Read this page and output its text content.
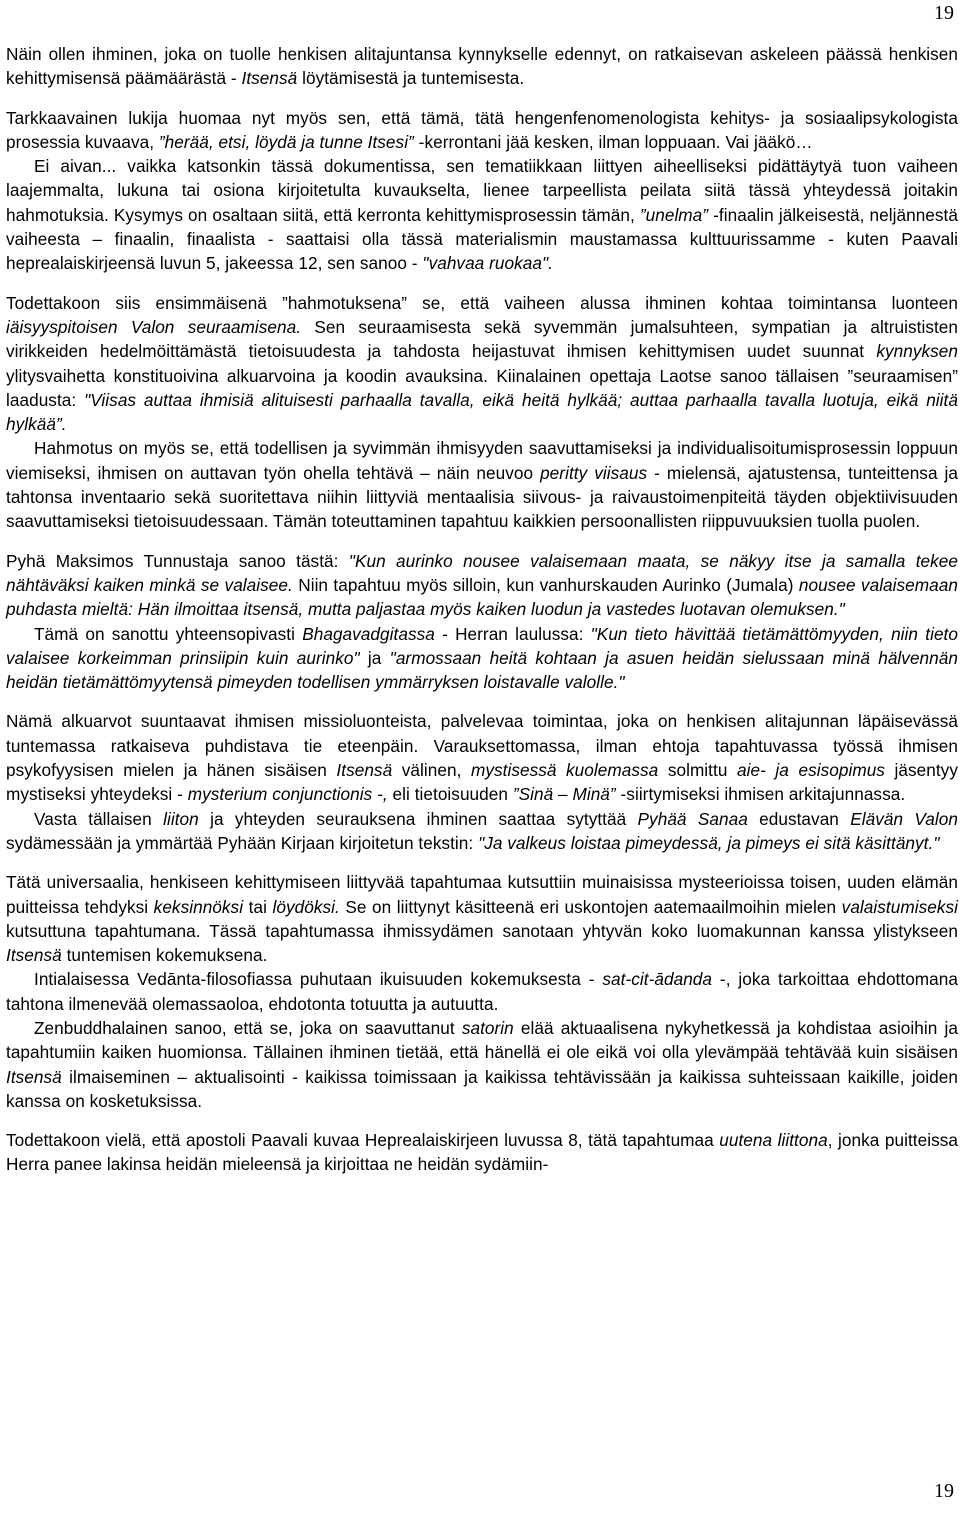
19

Näin ollen ihminen, joka on tuolle henkisen alitajuntansa kynnykselle edennyt, on ratkaisevan askeleen päässä henkisen kehittymisensä päämäärästä - Itsensä löytämisestä ja tuntemisesta.

Tarkkaavainen lukija huomaa nyt myös sen, että tämä, tätä hengenfenomenologista kehitys- ja sosiaalipsykologista prosessia kuvaava, ”herää, etsi, löydä ja tunne Itsesi” -kerrontani jää kesken, ilman loppuaan. Vai jääkö…

Ei aivan... vaikka katsonkin tässä dokumentissa, sen tematiikkaan liittyen aiheelliseksi pidättäytyä tuon vaiheen laajemmalta, lukuna tai osiona kirjoitetulta kuvaukselta, lienee tarpeellista peilata siitä tässä yhteydessä joitakin hahmotuksia. Kysymys on osaltaan siitä, että kerronta kehittymisprosessin tämän, ”unelma” -finaalin jälkeisestä, neljännestä vaiheesta – finaalin, finaalista - saattaisi olla tässä materialismin maustamassa kulttuurissamme - kuten Paavali heprealaiskirjeensä luvun 5, jakeessa 12, sen sanoo - "vahvaa ruokaa".

Todettakoon siis ensimmäisenä ”hahmotuksena” se, että vaiheen alussa ihminen kohtaa toimintansa luonteen iäisyyspitoisen Valon seuraamisena. Sen seuraamisesta sekä syvemmän jumalsuhteen, sympatian ja altruististen virikkeiden hedelmöittämästä tietoisuudesta ja tahdosta heijastuvat ihmisen kehittymisen uudet suunnat kynnyksen ylitysvaihetta konstituoivina alkuarvoina ja koodin avauksina. Kiinalainen opettaja Laotse sanoo tällaisen ”seuraamisen” laadusta: "Viisas auttaa ihmisiä alituisesti parhaalla tavalla, eikä heitä hylkää; auttaa parhaalla tavalla luotuja, eikä niitä hylkää”.

Hahmotus on myös se, että todellisen ja syvimmän ihmisyyden saavuttamiseksi ja individualisoitumisprosessin loppuun viemiseksi, ihmisen on auttavan työn ohella tehtävä – näin neuvoo peritty viisaus - mielensä, ajatustensa, tunteittensa ja tahtonsa inventaario sekä suoritettava niihin liittyviä mentaalisia siivous- ja raivaustoimenpiteitä täyden objektiivisuuden saavuttamiseksi tietoisuudessaan. Tämän toteuttaminen tapahtuu kaikkien persoonallisten riippuvuuksien tuolla puolen.

Pyhä Maksimos Tunnustaja sanoo tästä: "Kun aurinko nousee valaisemaan maata, se näkyy itse ja samalla tekee nähtäväksi kaiken minkä se valaisee. Niin tapahtuu myös silloin, kun vanhurskauden Aurinko (Jumala) nousee valaisemaan puhdasta mieltä: Hän ilmoittaa itsensä, mutta paljastaa myös kaiken luodun ja vastedes luotavan olemuksen."

Tämä on sanottu yhteensopivasti Bhagavadgitassa - Herran laulussa: "Kun tieto hävittää tietämättömyyden, niin tieto valaisee korkeimman prinsiipin kuin aurinko" ja "armossaan heitä kohtaan ja asuen heidän sielussaan minä hälvennän heidän tietämättömyytensä pimeyden todellisen ymmärryksen loistavalle valolle."

Nämä alkuarvot suuntaavat ihmisen missioluonteista, palvelevaa toimintaa, joka on henkisen alitajunnan läpäisevässä tuntemassa ratkaiseva puhdistava tie eteenpäin. Varauksettomassa, ilman ehtoja tapahtuvassa työssä ihmisen psykofyysisen mielen ja hänen sisäisen Itsensä välinen, mystisessä kuolemassa solmittu aie- ja esisopimus jäsentyy mystiseksi yhteydeksi - mysterium conjunctionis -, eli tietoisuuden ”Sinä – Minä” -siirtymiseksi ihmisen arkitajunnassa.

Vasta tällaisen liiton ja yhteyden seurauksena ihminen saattaa sytyttää Pyhää Sanaa edustavan Elävän Valon sydämessään ja ymmärtää Pyhään Kirjaan kirjoitetun tekstin: "Ja valkeus loistaa pimeydessä, ja pimeys ei sitä käsittänyt."

Tätä universaalia, henkiseen kehittymiseen liittyvää tapahtumaa kutsuttiin muinaisissa mysteerioissa toisen, uuden elämän puitteissa tehdyksi keksinnöksi tai löydöksi. Se on liittynyt käsitteenä eri uskontojen aatemaailmoihin mielen valaistumiseksi kutsuttuna tapahtumana. Tässä tapahtumassa ihmissydämen sanotaan yhtyvän koko luomakunnan kanssa ylistykseen Itsensä tuntemisen kokemuksena.

Intialaisessa Vedānta-filosofiassa puhutaan ikuisuuden kokemuksesta - sat-cit-ādanda -, joka tarkoittaa ehdottomana tahtona ilmenevää olemassaoloa, ehdotonta totuutta ja autuutta.

Zenbuddhalainen sanoo, että se, joka on saavuttanut satorin elää aktuaalisena nykyhetkessä ja kohdistaa asioihin ja tapahtumiin kaiken huomionsa. Tällainen ihminen tietää, että hänellä ei ole eikä voi olla ylevämpää tehtävää kuin sisäisen Itsensä ilmaiseminen – aktualisointi - kaikissa toimissaan ja kaikissa tehtävissään ja kaikissa suhteissaan kaikille, joiden kanssa on kosketuksissa.

Todettakoon vielä, että apostoli Paavali kuvaa Heprealaiskirjeen luvussa 8, tätä tapahtumaa uutena liittona, jonka puitteissa Herra panee lakinsa heidän mieleensä ja kirjoittaa ne heidän sydämiin-

19
